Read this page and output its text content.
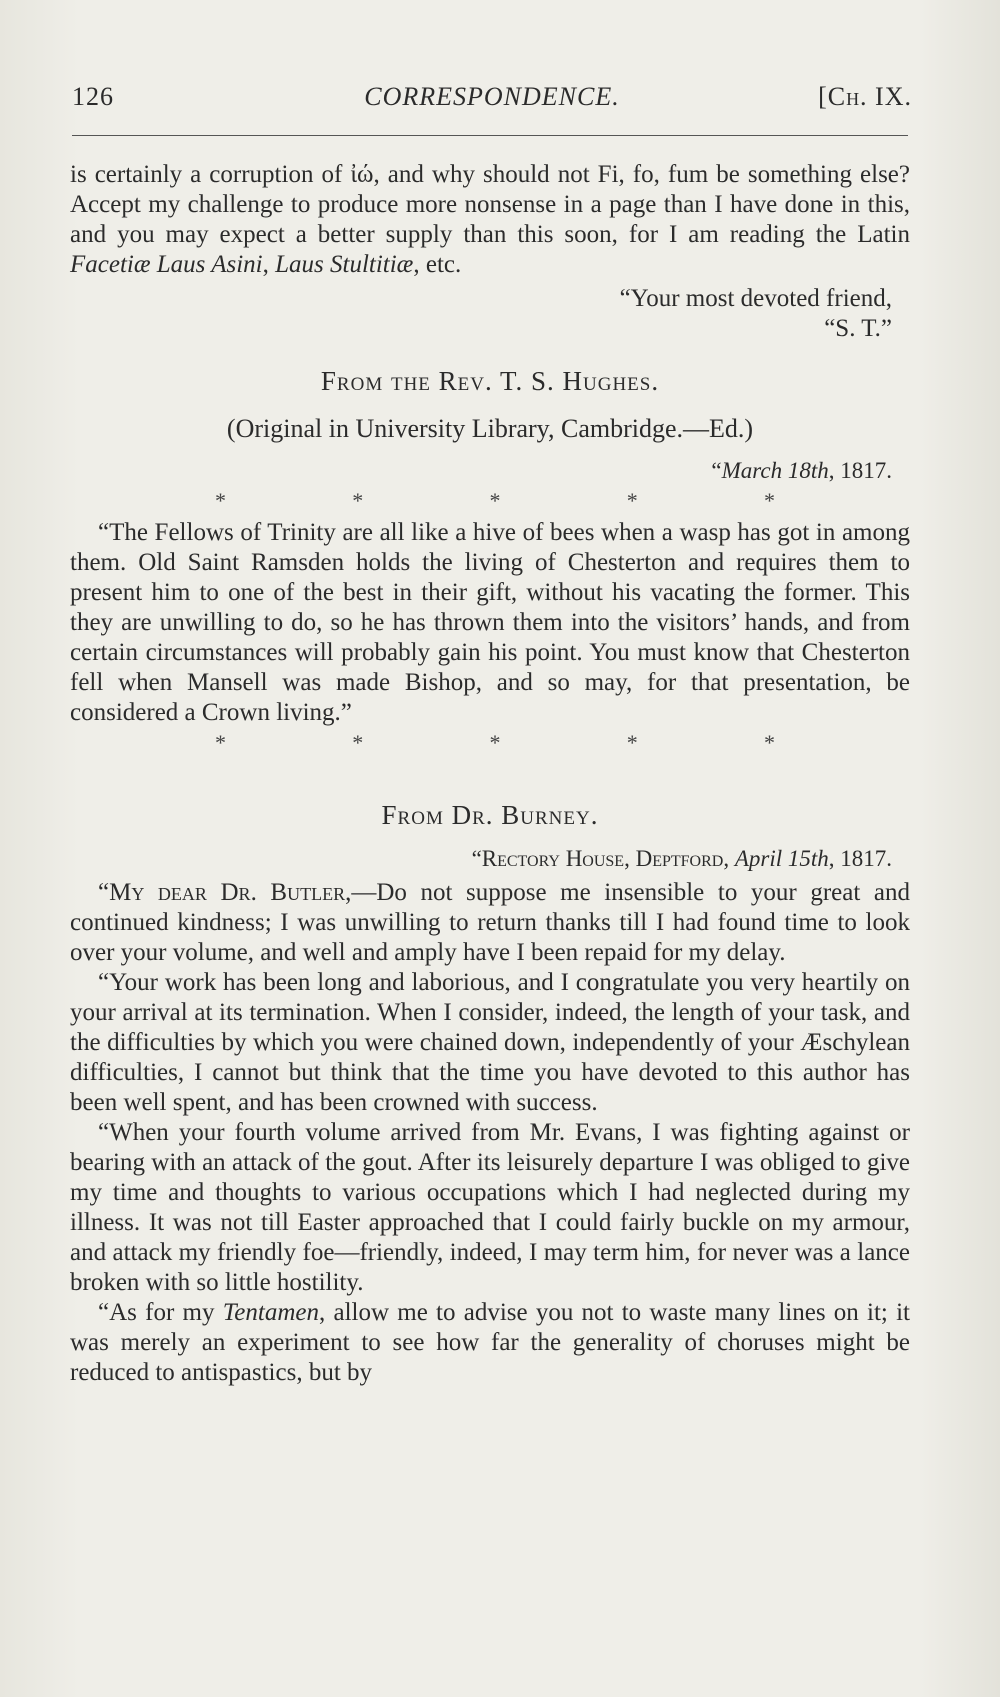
126	CORRESPONDENCE.	[Ch. IX.

is certainly a corruption of ἰώ, and why should not Fi, fo, fum be something else? Accept my challenge to produce more nonsense in a page than I have done in this, and you may expect a better supply than this soon, for I am reading the Latin Facetiæ Laus Asini, Laus Stultitiæ, etc.

“Your most devoted friend,

“S. T.”

From the Rev. T. S. Hughes.

(Original in University Library, Cambridge.—Ed.)

“March 18th, 1817.

*	*	*	*	*

“The Fellows of Trinity are all like a hive of bees when a wasp has got in among them. Old Saint Ramsden holds the living of Chesterton and requires them to present him to one of the best in their gift, without his vacating the former. This they are unwilling to do, so he has thrown them into the visitors’ hands, and from certain circumstances will probably gain his point. You must know that Chesterton fell when Mansell was made Bishop, and so may, for that presentation, be considered a Crown living.”

*	*	*	*	*

From Dr. Burney.

“Rectory House, Deptford, April 15th, 1817.

“My dear Dr. Butler,—Do not suppose me insensible to your great and continued kindness; I was unwilling to return thanks till I had found time to look over your volume, and well and amply have I been repaid for my delay.

“Your work has been long and laborious, and I congratulate you very heartily on your arrival at its termination. When I consider, indeed, the length of your task, and the difficulties by which you were chained down, independently of your Æschylean difficulties, I cannot but think that the time you have devoted to this author has been well spent, and has been crowned with success.

“When your fourth volume arrived from Mr. Evans, I was fighting against or bearing with an attack of the gout. After its leisurely departure I was obliged to give my time and thoughts to various occupations which I had neglected during my illness. It was not till Easter approached that I could fairly buckle on my armour, and attack my friendly foe—friendly, indeed, I may term him, for never was a lance broken with so little hostility.

“As for my Tentamen, allow me to advise you not to waste many lines on it; it was merely an experiment to see how far the generality of choruses might be reduced to antispastics, but by
